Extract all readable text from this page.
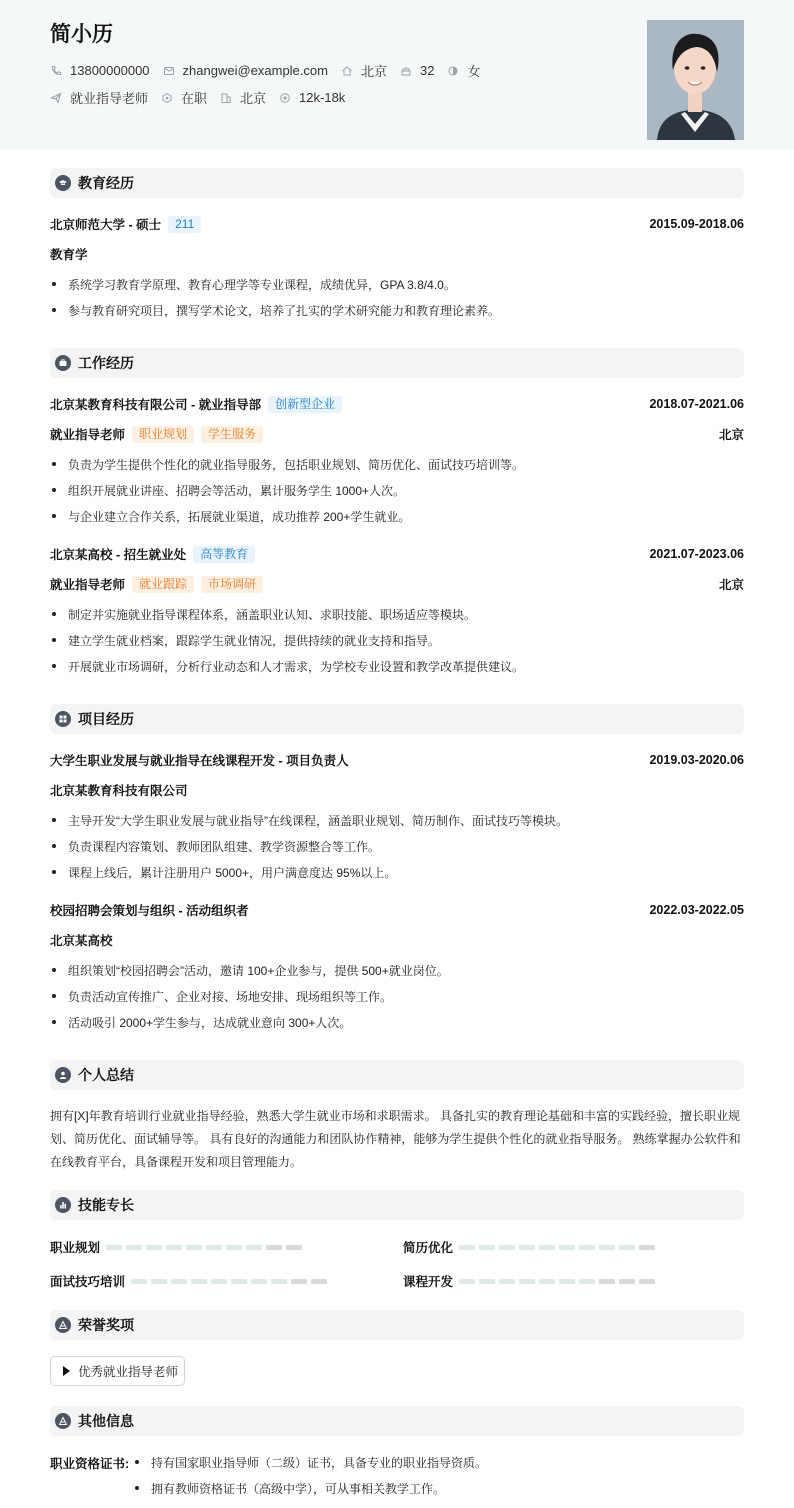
简小历
13800000000	zhangwei@example.com	北京	32	女
就业指导老师	在职	北京	12k-18k
教育经历
北京师范大学 - 硕士	211	2015.09-2018.06
教育学
系统学习教育学原理、教育心理学等专业课程，成绩优异，GPA 3.8/4.0。
参与教育研究项目，撰写学术论文，培养了扎实的学术研究能力和教育理论素养。
工作经历
北京某教育科技有限公司 - 就业指导部	创新型企业	2018.07-2021.06
就业指导老师	职业规划	学生服务	北京
负责为学生提供个性化的就业指导服务，包括职业规划、简历优化、面试技巧培训等。
组织开展就业讲座、招聘会等活动，累计服务学生 1000+人次。
与企业建立合作关系，拓展就业渠道，成功推荐 200+学生就业。
北京某高校 - 招生就业处	高等教育	2021.07-2023.06
就业指导老师	就业跟踪	市场调研	北京
制定并实施就业指导课程体系，涵盖职业认知、求职技能、职场适应等模块。
建立学生就业档案，跟踪学生就业情况，提供持续的就业支持和指导。
开展就业市场调研，分析行业动态和人才需求，为学校专业设置和教学改革提供建议。
项目经历
大学生职业发展与就业指导在线课程开发 - 项目负责人	2019.03-2020.06
北京某教育科技有限公司
主导开发“大学生职业发展与就业指导”在线课程，涵盖职业规划、简历制作、面试技巧等模块。
负责课程内容策划、教师团队组建、教学资源整合等工作。
课程上线后，累计注册用户 5000+，用户满意度达 95%以上。
校园招聘会策划与组织 - 活动组织者	2022.03-2022.05
北京某高校
组织策划“校园招聘会”活动，邀请 100+企业参与，提供 500+就业岗位。
负责活动宣传推广、企业对接、场地安排、现场组织等工作。
活动吸引 2000+学生参与，达成就业意向 300+人次。
个人总结
拥有[X]年教育培训行业就业指导经验，熟悉大学生就业市场和求职需求。 具备扎实的教育理论基础和丰富的实践经验，擅长职业规划、简历优化、面试辅导等。 具有良好的沟通能力和团队协作精神，能够为学生提供个性化的就业指导服务。 熟练掌握办公软件和在线教育平台，具备课程开发和项目管理能力。
技能专长
职业规划	简历优化
面试技巧培训	课程开发
荣誉奖项
优秀就业指导老师
其他信息
职业资格证书: 持有国家职业指导师（二级）证书，具备专业的职业指导资质。
拥有教师资格证书（高级中学），可从事相关教学工作。
